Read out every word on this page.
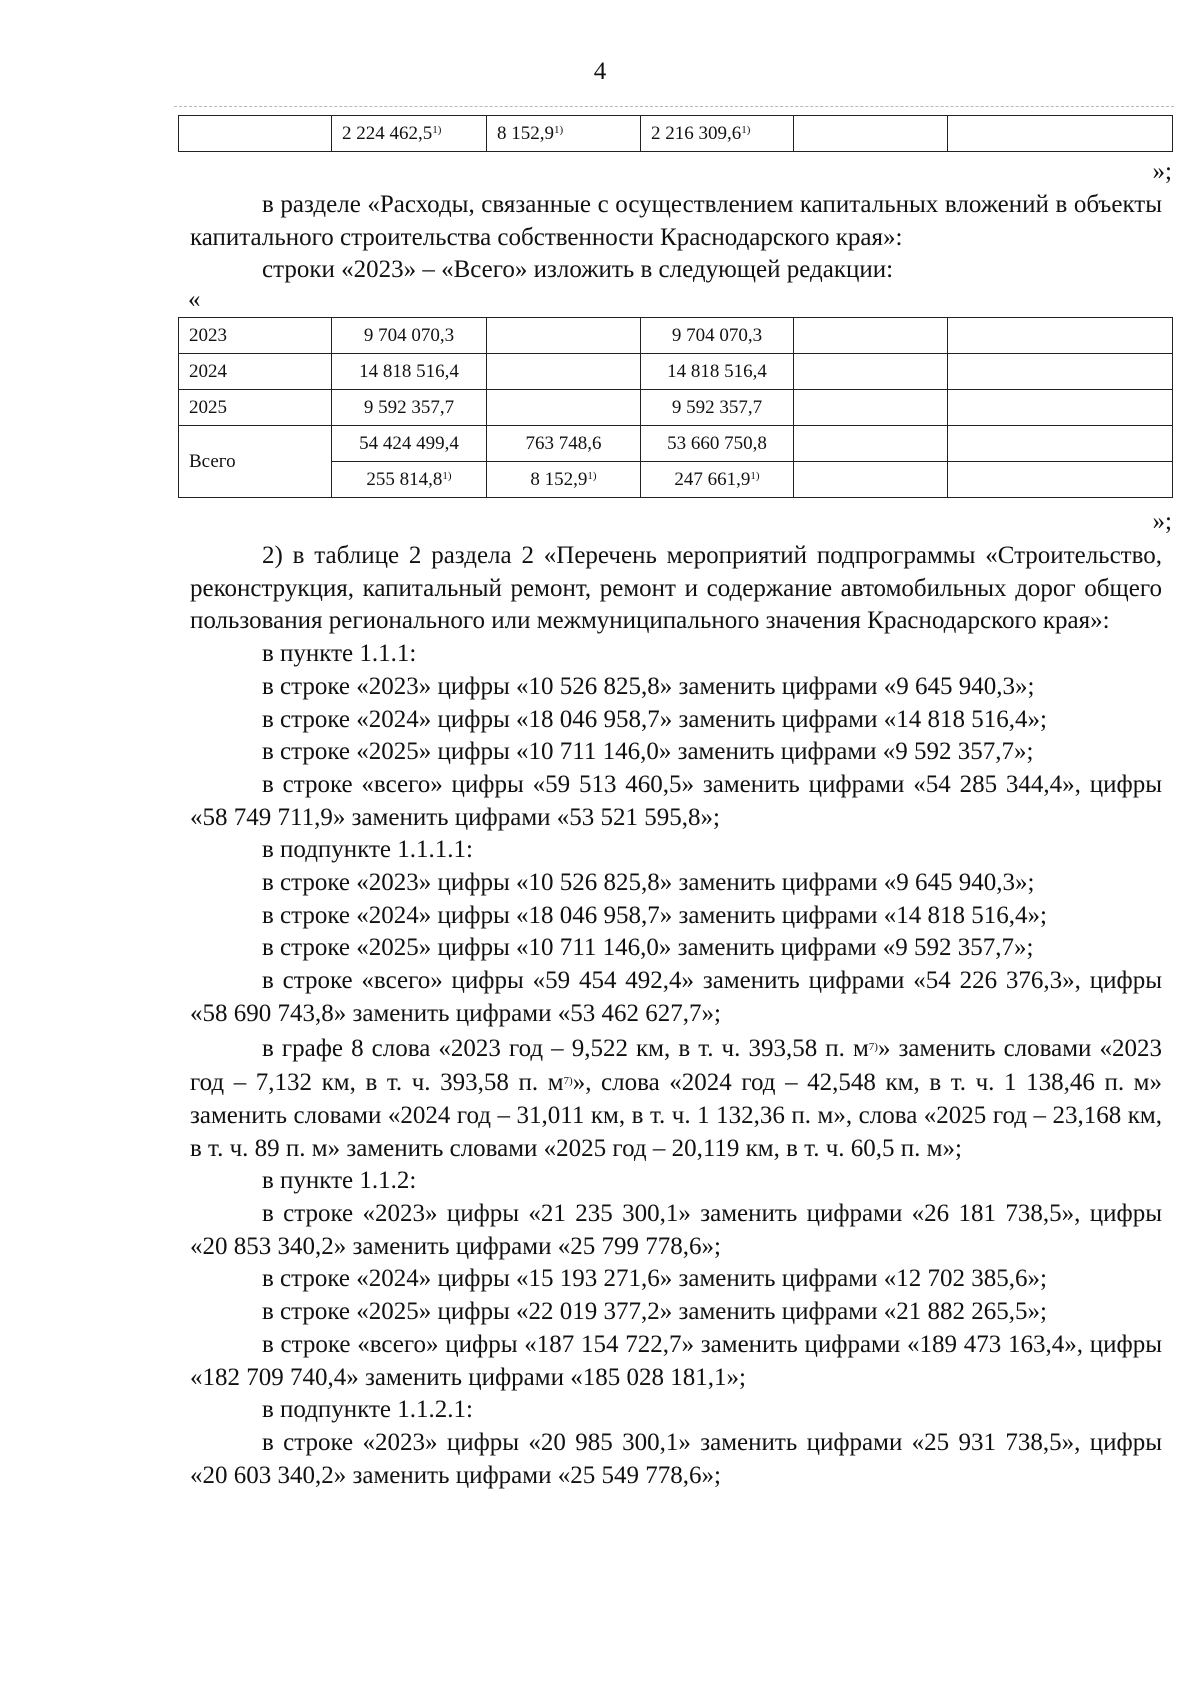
4
	2 224 462,5$^{1)}$	8 152,9$^{1)}$	2 216 309,6$^{1)}$		
»;

в разделе «Расходы, связанные с осуществлением капитальных вложений в объекты капитального строительства собственности Краснодарского края»:

строки «2023» – «Всего» изложить в следующей редакции:

«
2023	9 704 070,3		9 704 070,3		
2024	14 818 516,4		14 818 516,4		
2025	9 592 357,7		9 592 357,7		
Всего	54 424 499,4	763 748,6	53 660 750,8		
	255 814,8$^{1)}$	8 152,9$^{1)}$	247 661,9$^{1)}$		
»;

2) в таблице 2 раздела 2 «Перечень мероприятий подпрограммы «Строительство, реконструкция, капитальный ремонт, ремонт и содержание автомобильных дорог общего пользования регионального или межмуниципального значения Краснодарского края»:

в пункте 1.1.1:

в строке «2023» цифры «10 526 825,8» заменить цифрами «9 645 940,3»;

в строке «2024» цифры «18 046 958,7» заменить цифрами «14 818 516,4»;

в строке «2025» цифры «10 711 146,0» заменить цифрами «9 592 357,7»;

в строке «всего» цифры «59 513 460,5» заменить цифрами «54 285 344,4», цифры «58 749 711,9» заменить цифрами «53 521 595,8»;

в подпункте 1.1.1.1:

в строке «2023» цифры «10 526 825,8» заменить цифрами «9 645 940,3»;

в строке «2024» цифры «18 046 958,7» заменить цифрами «14 818 516,4»;

в строке «2025» цифры «10 711 146,0» заменить цифрами «9 592 357,7»;

в строке «всего» цифры «59 454 492,4» заменить цифрами «54 226 376,3», цифры «58 690 743,8» заменить цифрами «53 462 627,7»;

в графе 8 слова «2023 год – 9,522 км, в т. ч. 393,58 п. $м^{7)}$» заменить словами «2023 год – 7,132 км, в т. ч. 393,58 п. $м^{7)}$», слова «2024 год – 42,548 км, в т. ч. 1 138,46 п. м» заменить словами «2024 год – 31,011 км, в т. ч. 1 132,36 п. м», слова «2025 год – 23,168 км, в т. ч. 89 п. м» заменить словами «2025 год – 20,119 км, в т. ч. 60,5 п. м»;

в пункте 1.1.2:

в строке «2023» цифры «21 235 300,1» заменить цифрами «26 181 738,5», цифры «20 853 340,2» заменить цифрами «25 799 778,6»;

в строке «2024» цифры «15 193 271,6» заменить цифрами «12 702 385,6»;

в строке «2025» цифры «22 019 377,2» заменить цифрами «21 882 265,5»;

в строке «всего» цифры «187 154 722,7» заменить цифрами «189 473 163,4», цифры «182 709 740,4» заменить цифрами «185 028 181,1»;

в подпункте 1.1.2.1:

в строке «2023» цифры «20 985 300,1» заменить цифрами «25 931 738,5», цифры «20 603 340,2» заменить цифрами «25 549 778,6»;
